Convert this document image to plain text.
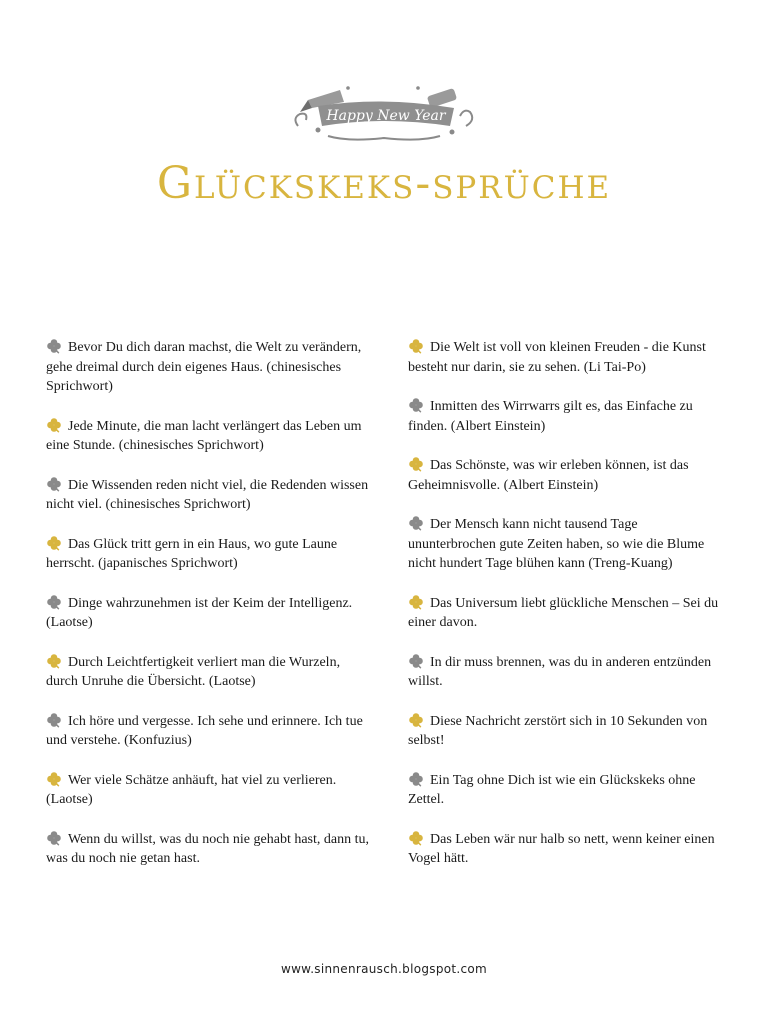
Happy New Year
Glückskeks-sprüche

Bevor Du dich daran machst, die Welt zu verändern, gehe dreimal durch dein eigenes Haus. (chinesisches Sprichwort)

Jede Minute, die man lacht verlängert das Leben um eine Stunde. (chinesisches Sprichwort)

Die Wissenden reden nicht viel, die Redenden wissen nicht viel. (chinesisches Sprichwort)

Das Glück tritt gern in ein Haus, wo gute Laune herrscht. (japanisches Sprichwort)

Dinge wahrzunehmen ist der Keim der Intelligenz. (Laotse)

Durch Leichtfertigkeit verliert man die Wurzeln, durch Unruhe die Übersicht. (Laotse)

Ich höre und vergesse. Ich sehe und erinnere. Ich tue und verstehe. (Konfuzius)

Wer viele Schätze anhäuft, hat viel zu verlieren. (Laotse)

Wenn du willst, was du noch nie gehabt hast, dann tu, was du noch nie getan hast.

Die Welt ist voll von kleinen Freuden - die Kunst besteht nur darin, sie zu sehen. (Li Tai-Po)

Inmitten des Wirrwarrs gilt es, das Einfache zu finden. (Albert Einstein)

Das Schönste, was wir erleben können, ist das Geheimnisvolle. (Albert Einstein)

Der Mensch kann nicht tausend Tage ununterbrochen gute Zeiten haben, so wie die Blume nicht hundert Tage blühen kann (Treng-Kuang)

Das Universum liebt glückliche Menschen – Sei du einer davon.

In dir muss brennen, was du in anderen entzünden willst.

Diese Nachricht zerstört sich in 10 Sekunden von selbst!

Ein Tag ohne Dich ist wie ein Glückskeks ohne Zettel.

Das Leben wär nur halb so nett, wenn keiner einen Vogel hätt.

www.sinnenrausch.blogspot.com
